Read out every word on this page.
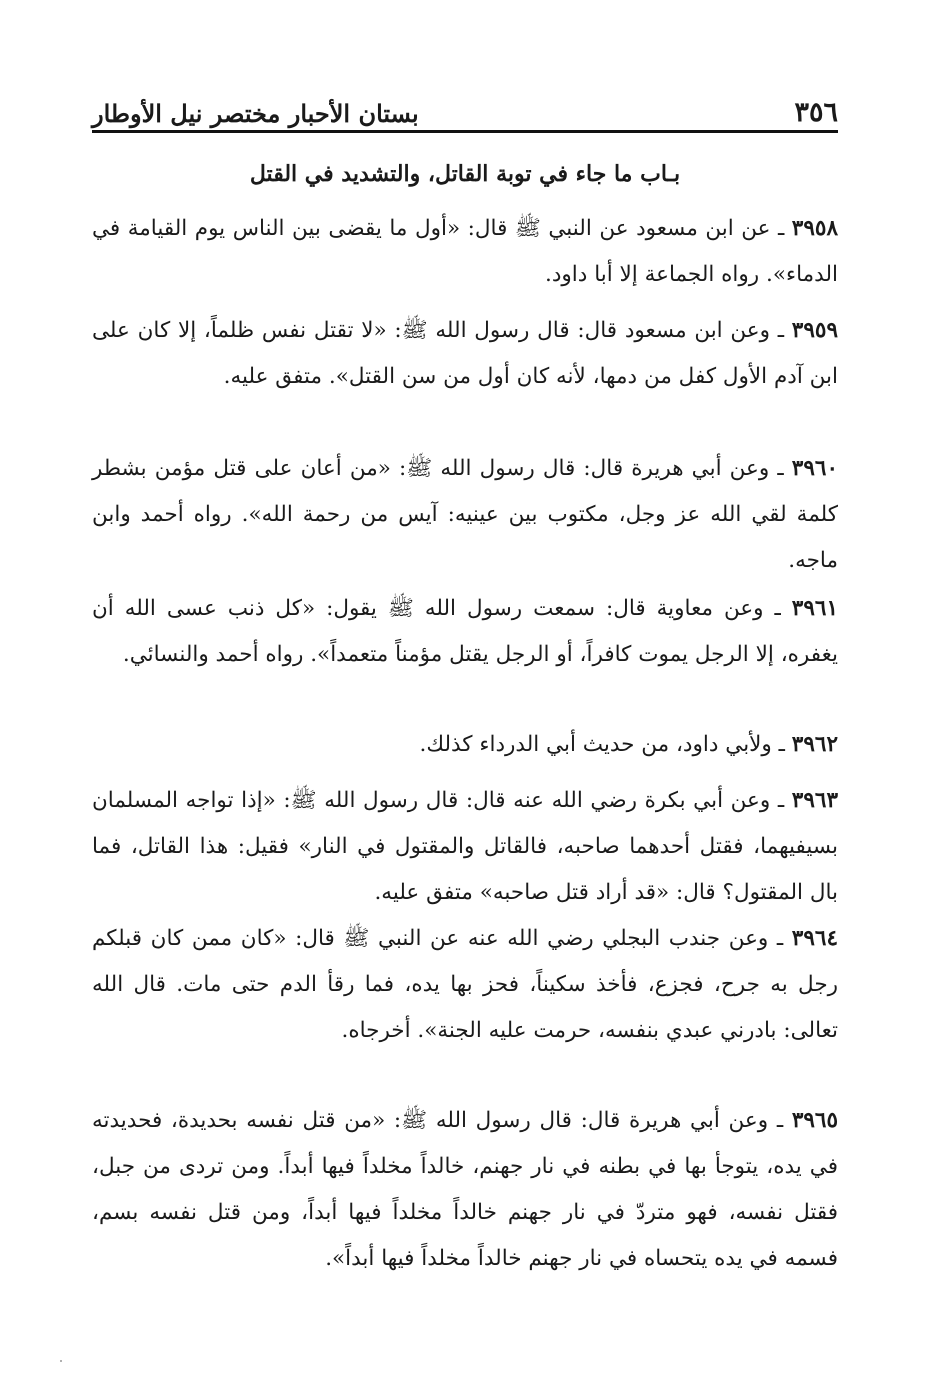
٣٥٦
بستان الأحبار مختصر نيل الأوطار
بـاب ما جاء في توبة القاتل، والتشديد في القتل

٣٩٥٨ ـ عن ابن مسعود عن النبي ﷺ قال: «أول ما يقضى بين الناس يوم القيامة في الدماء». رواه الجماعة إلا أبا داود.

٣٩٥٩ ـ وعن ابن مسعود قال: قال رسول الله ﷺ: «لا تقتل نفس ظلماً، إلا كان على ابن آدم الأول كفل من دمها، لأنه كان أول من سن القتل». متفق عليه.

٣٩٦٠ ـ وعن أبي هريرة قال: قال رسول الله ﷺ: «من أعان على قتل مؤمن بشطر كلمة لقي الله عز وجل، مكتوب بين عينيه: آيس من رحمة الله». رواه أحمد وابن ماجه.

٣٩٦١ ـ وعن معاوية قال: سمعت رسول الله ﷺ يقول: «كل ذنب عسى الله أن يغفره، إلا الرجل يموت كافراً، أو الرجل يقتل مؤمناً متعمداً». رواه أحمد والنسائي.

٣٩٦٢ ـ ولأبي داود، من حديث أبي الدرداء كذلك.

٣٩٦٣ ـ وعن أبي بكرة رضي الله عنه قال: قال رسول الله ﷺ: «إذا تواجه المسلمان بسيفيهما، فقتل أحدهما صاحبه، فالقاتل والمقتول في النار» فقيل: هذا القاتل، فما بال المقتول؟ قال: «قد أراد قتل صاحبه» متفق عليه.

٣٩٦٤ ـ وعن جندب البجلي رضي الله عنه عن النبي ﷺ قال: «كان ممن كان قبلكم رجل به جرح، فجزع، فأخذ سكيناً، فحز بها يده، فما رقأ الدم حتى مات. قال الله تعالى: بادرني عبدي بنفسه، حرمت عليه الجنة». أخرجاه.

٣٩٦٥ ـ وعن أبي هريرة قال: قال رسول الله ﷺ: «من قتل نفسه بحديدة، فحديدته في يده، يتوجأ بها في بطنه في نار جهنم، خالداً مخلداً فيها أبداً. ومن تردى من جبل، فقتل نفسه، فهو متردّ في نار جهنم خالداً مخلداً فيها أبداً، ومن قتل نفسه بسم، فسمه في يده يتحساه في نار جهنم خالداً مخلداً فيها أبداً».
